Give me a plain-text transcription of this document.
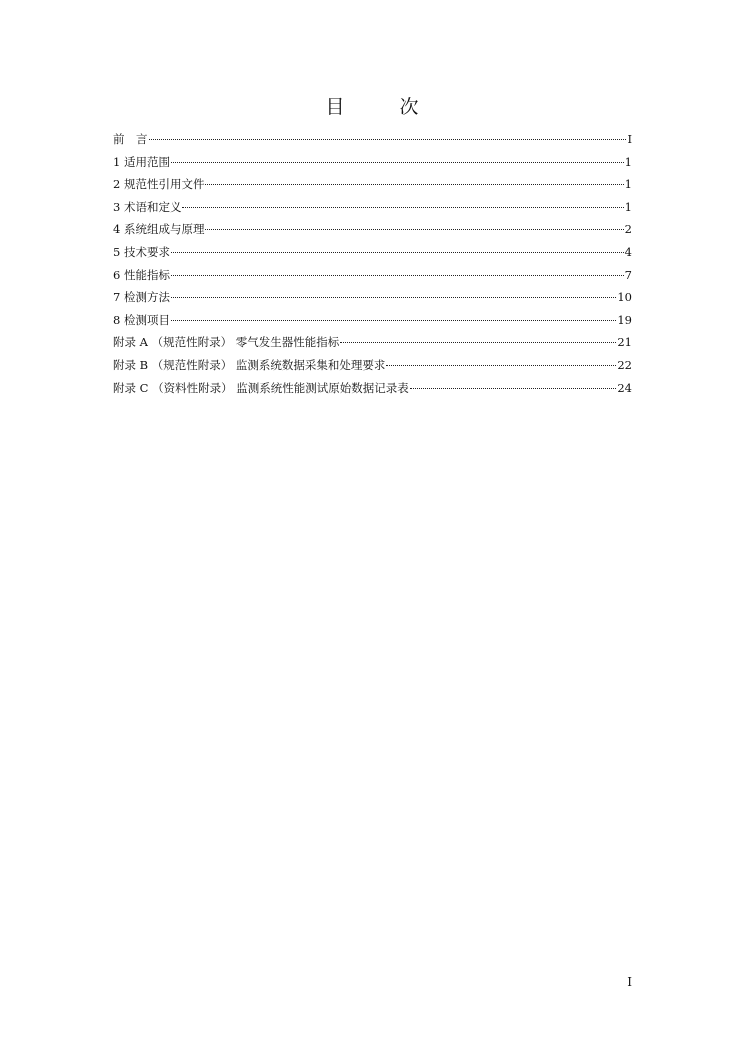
目　次
前　言	I
1 适用范围	1
2 规范性引用文件	1
3 术语和定义	1
4 系统组成与原理	2
5 技术要求	4
6 性能指标	7
7 检测方法	10
8 检测项目	19
附录 A （规范性附录） 零气发生器性能指标	21
附录 B （规范性附录） 监测系统数据采集和处理要求	22
附录 C （资料性附录） 监测系统性能测试原始数据记录表	24
I
